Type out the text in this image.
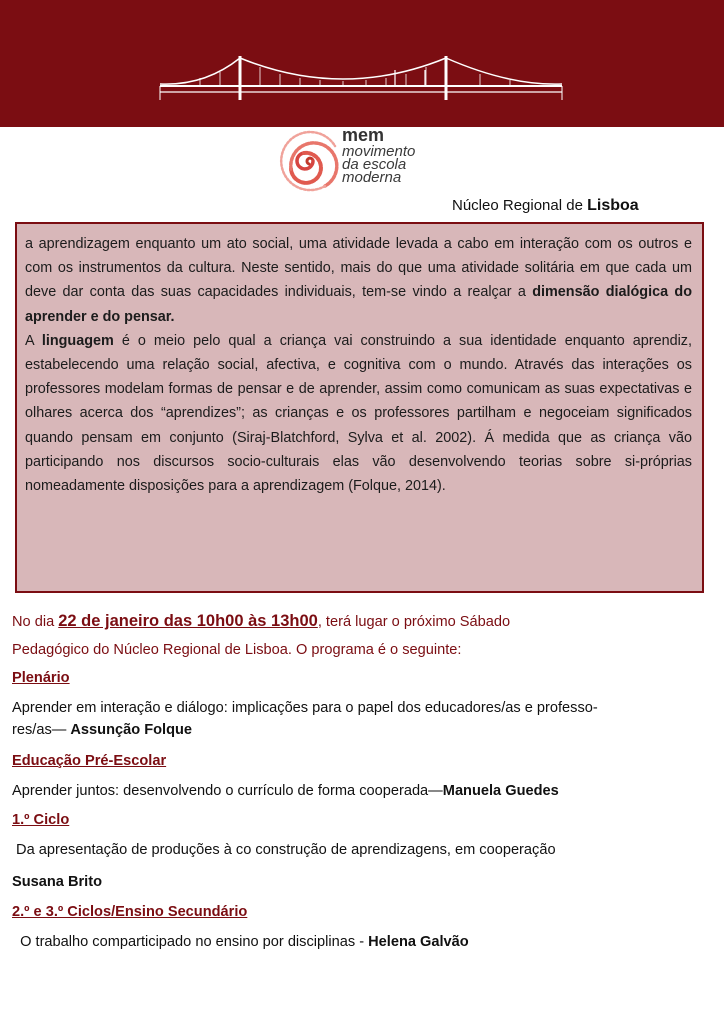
mem
movimento
da escola
moderna
Núcleo Regional de Lisboa

a aprendizagem enquanto um ato social, uma atividade levada a cabo em interação com os outros e com os instrumentos da cultura. Neste sentido, mais do que uma atividade solitária em que cada um deve dar conta das suas capacidades individuais, tem-se vindo a realçar a dimensão dialógica do aprender e do pensar.

A linguagem é o meio pelo qual a criança vai construindo a sua identidade enquanto aprendiz, estabelecendo uma relação social, afectiva, e cognitiva com o mundo. Através das interações os professores modelam formas de pensar e de aprender, assim como comunicam as suas expectativas e olhares acerca dos “aprendizes”; as crianças e os professores partilham e negoceiam significados quando pensam em conjunto (Siraj-Blatchford, Sylva et al. 2002). Á medida que as criança vão participando nos discursos socio-culturais elas vão desenvolvendo teorias sobre si-próprias nomeadamente disposições para a aprendizagem (Folque, 2014).

No dia 22 de janeiro das 10h00 às 13h00, terá lugar o próximo Sábado
Pedagógico do Núcleo Regional de Lisboa. O programa é o seguinte:
Plenário
Aprender em interação e diálogo: implicações para o papel dos educadores/as e professo-
res/as— Assunção Folque
Educação Pré-Escolar
Aprender juntos: desenvolvendo o currículo de forma cooperada—Manuela Guedes
1.º Ciclo
Da apresentação de produções à co construção de aprendizagens, em cooperação
Susana Brito
2.º e 3.º Ciclos/Ensino Secundário
O trabalho comparticipado no ensino por disciplinas - Helena Galvão
